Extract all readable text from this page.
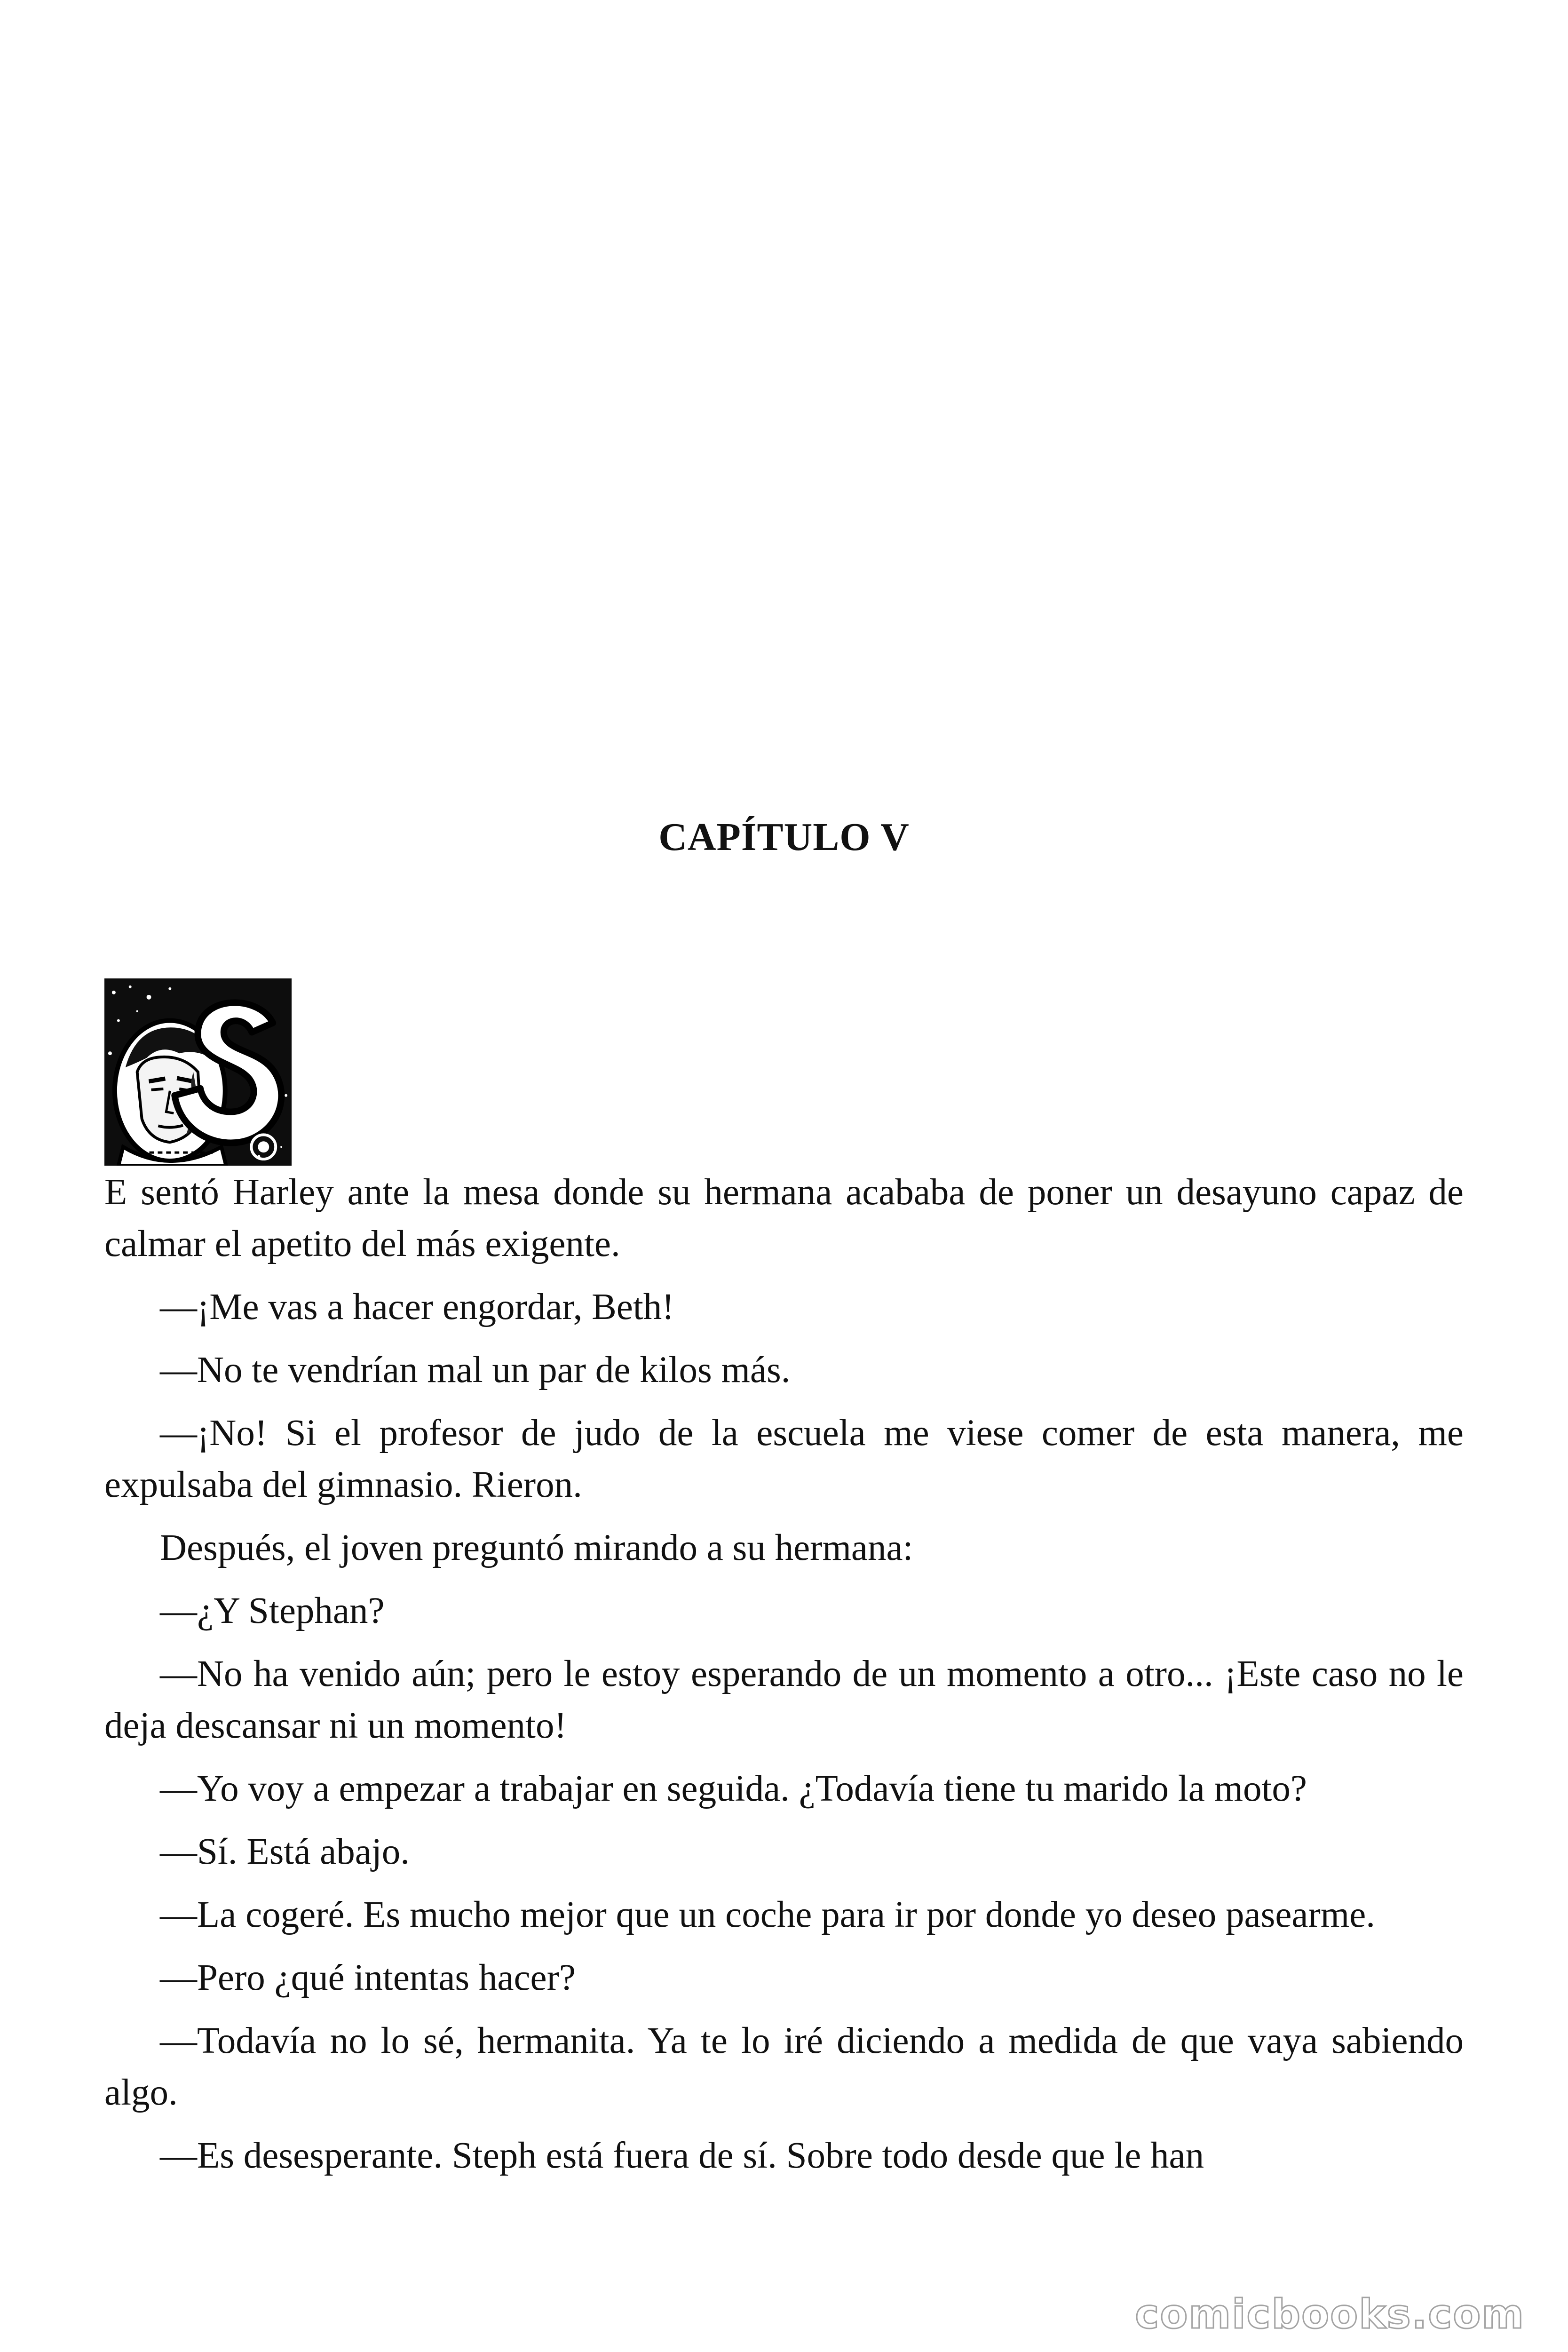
CAPÍTULO V

E sentó Harley ante la mesa donde su hermana acababa de poner un desayuno capaz de calmar el apetito del más exigente.

—¡Me vas a hacer engordar, Beth!

—No te vendrían mal un par de kilos más.

—¡No! Si el profesor de judo de la escuela me viese comer de esta manera, me expulsaba del gimnasio. Rieron.

Después, el joven preguntó mirando a su hermana:

—¿Y Stephan?

—No ha venido aún; pero le estoy esperando de un momento a otro... ¡Este caso no le deja descansar ni un momento!

—Yo voy a empezar a trabajar en seguida. ¿Todavía tiene tu marido la moto?

—Sí. Está abajo.

—La cogeré. Es mucho mejor que un coche para ir por donde yo deseo pasearme.

—Pero ¿qué intentas hacer?

—Todavía no lo sé, hermanita. Ya te lo iré diciendo a medida de que vaya sabiendo algo.

—Es desesperante. Steph está fuera de sí. Sobre todo desde que le han

comicbooks.com
